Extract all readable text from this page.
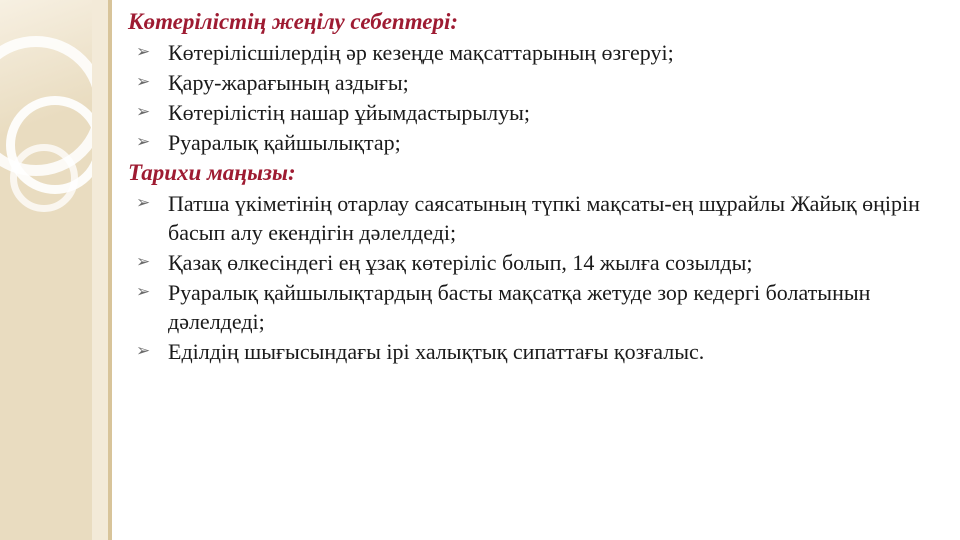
Көтерілістің жеңілу себептері:
➢ Көтерілісшілердің әр кезеңде мақсаттарының өзгеруі;
➢ Қару-жарағының аздығы;
➢ Көтерілістің нашар ұйымдастырылуы;
➢ Руаралық қайшылықтар;
Тарихи маңызы:
➢ Патша үкіметінің отарлау саясатының түпкі мақсаты-ең шұрайлы Жайық өңірін басып алу екендігін дәлелдеді;
➢ Қазақ өлкесіндегі ең ұзақ көтеріліс болып, 14 жылға созылды;
➢ Руаралық қайшылықтардың басты мақсатқа жетуде зор кедергі болатынын дәлелдеді;
➢ Еділдің шығысындағы ірі халықтық сипаттағы қозғалыс.
